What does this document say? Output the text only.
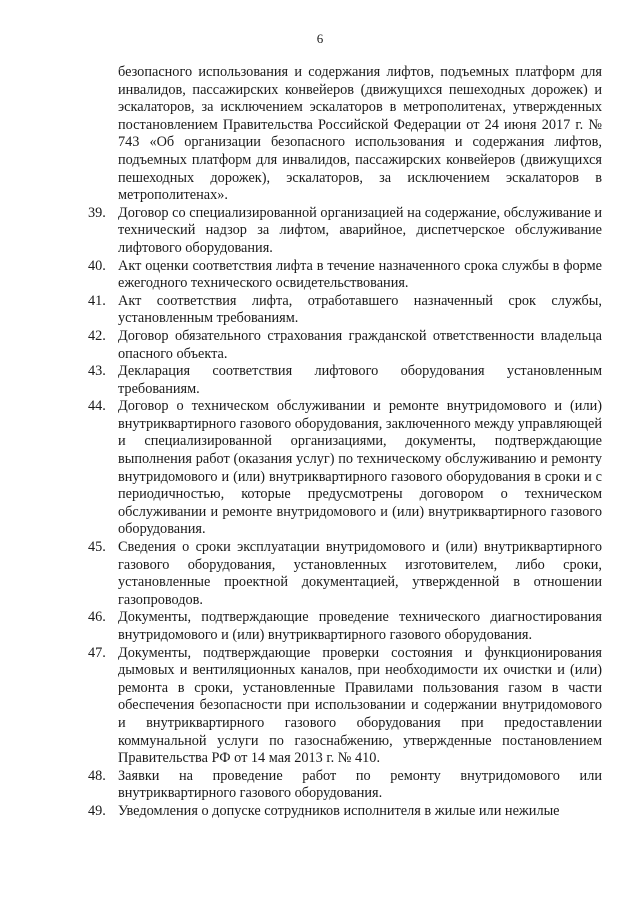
6
безопасного использования и содержания лифтов, подъемных платформ для инвалидов, пассажирских конвейеров (движущихся пешеходных дорожек) и эскалаторов, за исключением эскалаторов в метрополитенах, утвержденных постановлением Правительства Российской Федерации от 24 июня 2017 г. № 743 «Об организации безопасного использования и содержания лифтов, подъемных платформ для инвалидов, пассажирских конвейеров (движущихся пешеходных дорожек), эскалаторов, за исключением эскалаторов в метрополитенах».
39. Договор со специализированной организацией на содержание, обслуживание и технический надзор за лифтом, аварийное, диспетчерское обслуживание лифтового оборудования.
40. Акт оценки соответствия лифта в течение назначенного срока службы в форме ежегодного технического освидетельствования.
41. Акт соответствия лифта, отработавшего назначенный срок службы, установленным требованиям.
42. Договор обязательного страхования гражданской ответственности владельца опасного объекта.
43. Декларация соответствия лифтового оборудования установленным требованиям.
44. Договор о техническом обслуживании и ремонте внутридомового и (или) внутриквартирного газового оборудования, заключенного между управляющей и специализированной организациями, документы, подтверждающие выполнения работ (оказания услуг) по техническому обслуживанию и ремонту внутридомового и (или) внутриквартирного газового оборудования в сроки и с периодичностью, которые предусмотрены договором о техническом обслуживании и ремонте внутридомового и (или) внутриквартирного газового оборудования.
45. Сведения о сроки эксплуатации внутридомового и (или) внутриквартирного газового оборудования, установленных изготовителем, либо сроки, установленные проектной документацией, утвержденной в отношении газопроводов.
46. Документы, подтверждающие проведение технического диагностирования внутридомового и (или) внутриквартирного газового оборудования.
47. Документы, подтверждающие проверки состояния и функционирования дымовых и вентиляционных каналов, при необходимости их очистки и (или) ремонта в сроки, установленные Правилами пользования газом в части обеспечения безопасности при использовании и содержании внутридомового и внутриквартирного газового оборудования при предоставлении коммунальной услуги по газоснабжению, утвержденные постановлением Правительства РФ от 14 мая 2013 г. № 410.
48. Заявки на проведение работ по ремонту внутридомового или внутриквартирного газового оборудования.
49. Уведомления о допуске сотрудников исполнителя в жилые или нежилые
